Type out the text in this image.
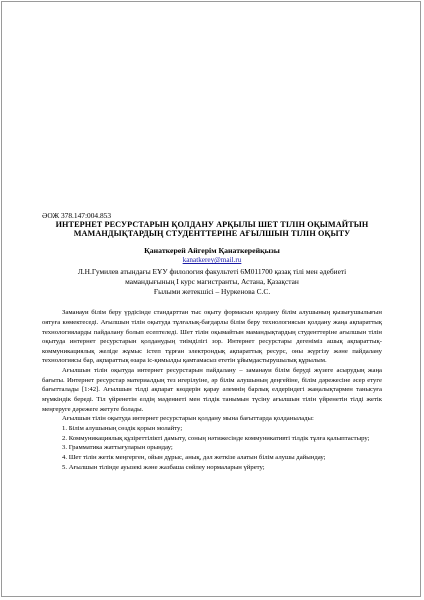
ӘОЖ 378.147:004.853

ИНТЕРНЕТ РЕСУРСТАРЫН ҚОЛДАНУ АРҚЫЛЫ ШЕТ ТІЛІН ОҚЫМАЙТЫН МАМАНДЫҚТАРДЫҢ СТУДЕНТТЕРІНЕ АҒЫЛШЫН ТІЛІН ОҚЫТУ

Қанаткерей Айгерім Қанаткерейқызы

kanatkerey@mail.ru

Л.Н.Гумилев атындағы ЕҰУ филология факультеті 6М011700 қазақ тілі мен әдебиеті

мамандығының I курс магистранты, Астана, Қазақстан

Ғылыми жетекшісі – Нуркенова С.С.

Заманауи білім беру үрдісінде стандарттан тыс оқыту формасын қолдану білім алушының қызығушылығын оятуға көмектеседі. Ағылшын тілін оқытуда тұлғалық-бағдарлы білім беру технологиясын қолдану жаңа ақпараттық технологияларды пайдалану болып есептеледі. Шет тілін оқымайтын мамандықтардың студенттеріне ағылшын тілін оқытуда интернет ресурстарын қолданудың тиімділігі зор. Интернет ресурстары дегеніміз ашық ақпараттық-коммуникациялық желіде жұмыс істеп тұрған электрондық ақпараттық ресурс, оны жүргізу және пайдалану технологиясы бар, ақпараттық өзара іс-қимылды қамтамасыз ететін ұйымдастырушылық құрылым.

Ағылшын тілін оқытуда интернет ресурстарын пайдалану – заманауи білім беруді жүзеге асырудың жаңа бағыты. Интернет ресурстар материалдың тез игерілуіне, әр білім алушының деңгейіне, білім дәрежесіне әсер етуге бағытталады [1:42]. Ағылшын тілді ақпарат көздерін қарау әлемнің барлық елдеріндегі жаңалықтармен танысуға мүмкіндік береді. Тіл үйренетін елдің мәдениеті мен тілдік танымын түсіну ағылшын тілін үйренетін тілді жетік меңгеруге дәрежеге жетуге болады.

Ағылшын тілін оқытуда интернет ресурстарын қолдану мына бағыттарда қолданылады:

1. Білім алушының сөздік қорын молайту;

2. Коммуникациялық құзіреттілікті дамыту, соның нәтижесінде коммуникативті тілдік тұлға қалыптастыру;

3. Грамматика жаттығуларын орындау;

4. Шет тілін жетік меңгерген, ойын дұрыс, анық, дәл жеткізе алатын білім алушы дайындау;

5. Ағылшын тілінде ауызекі және жазбаша сөйлеу нормаларын үйрету;
